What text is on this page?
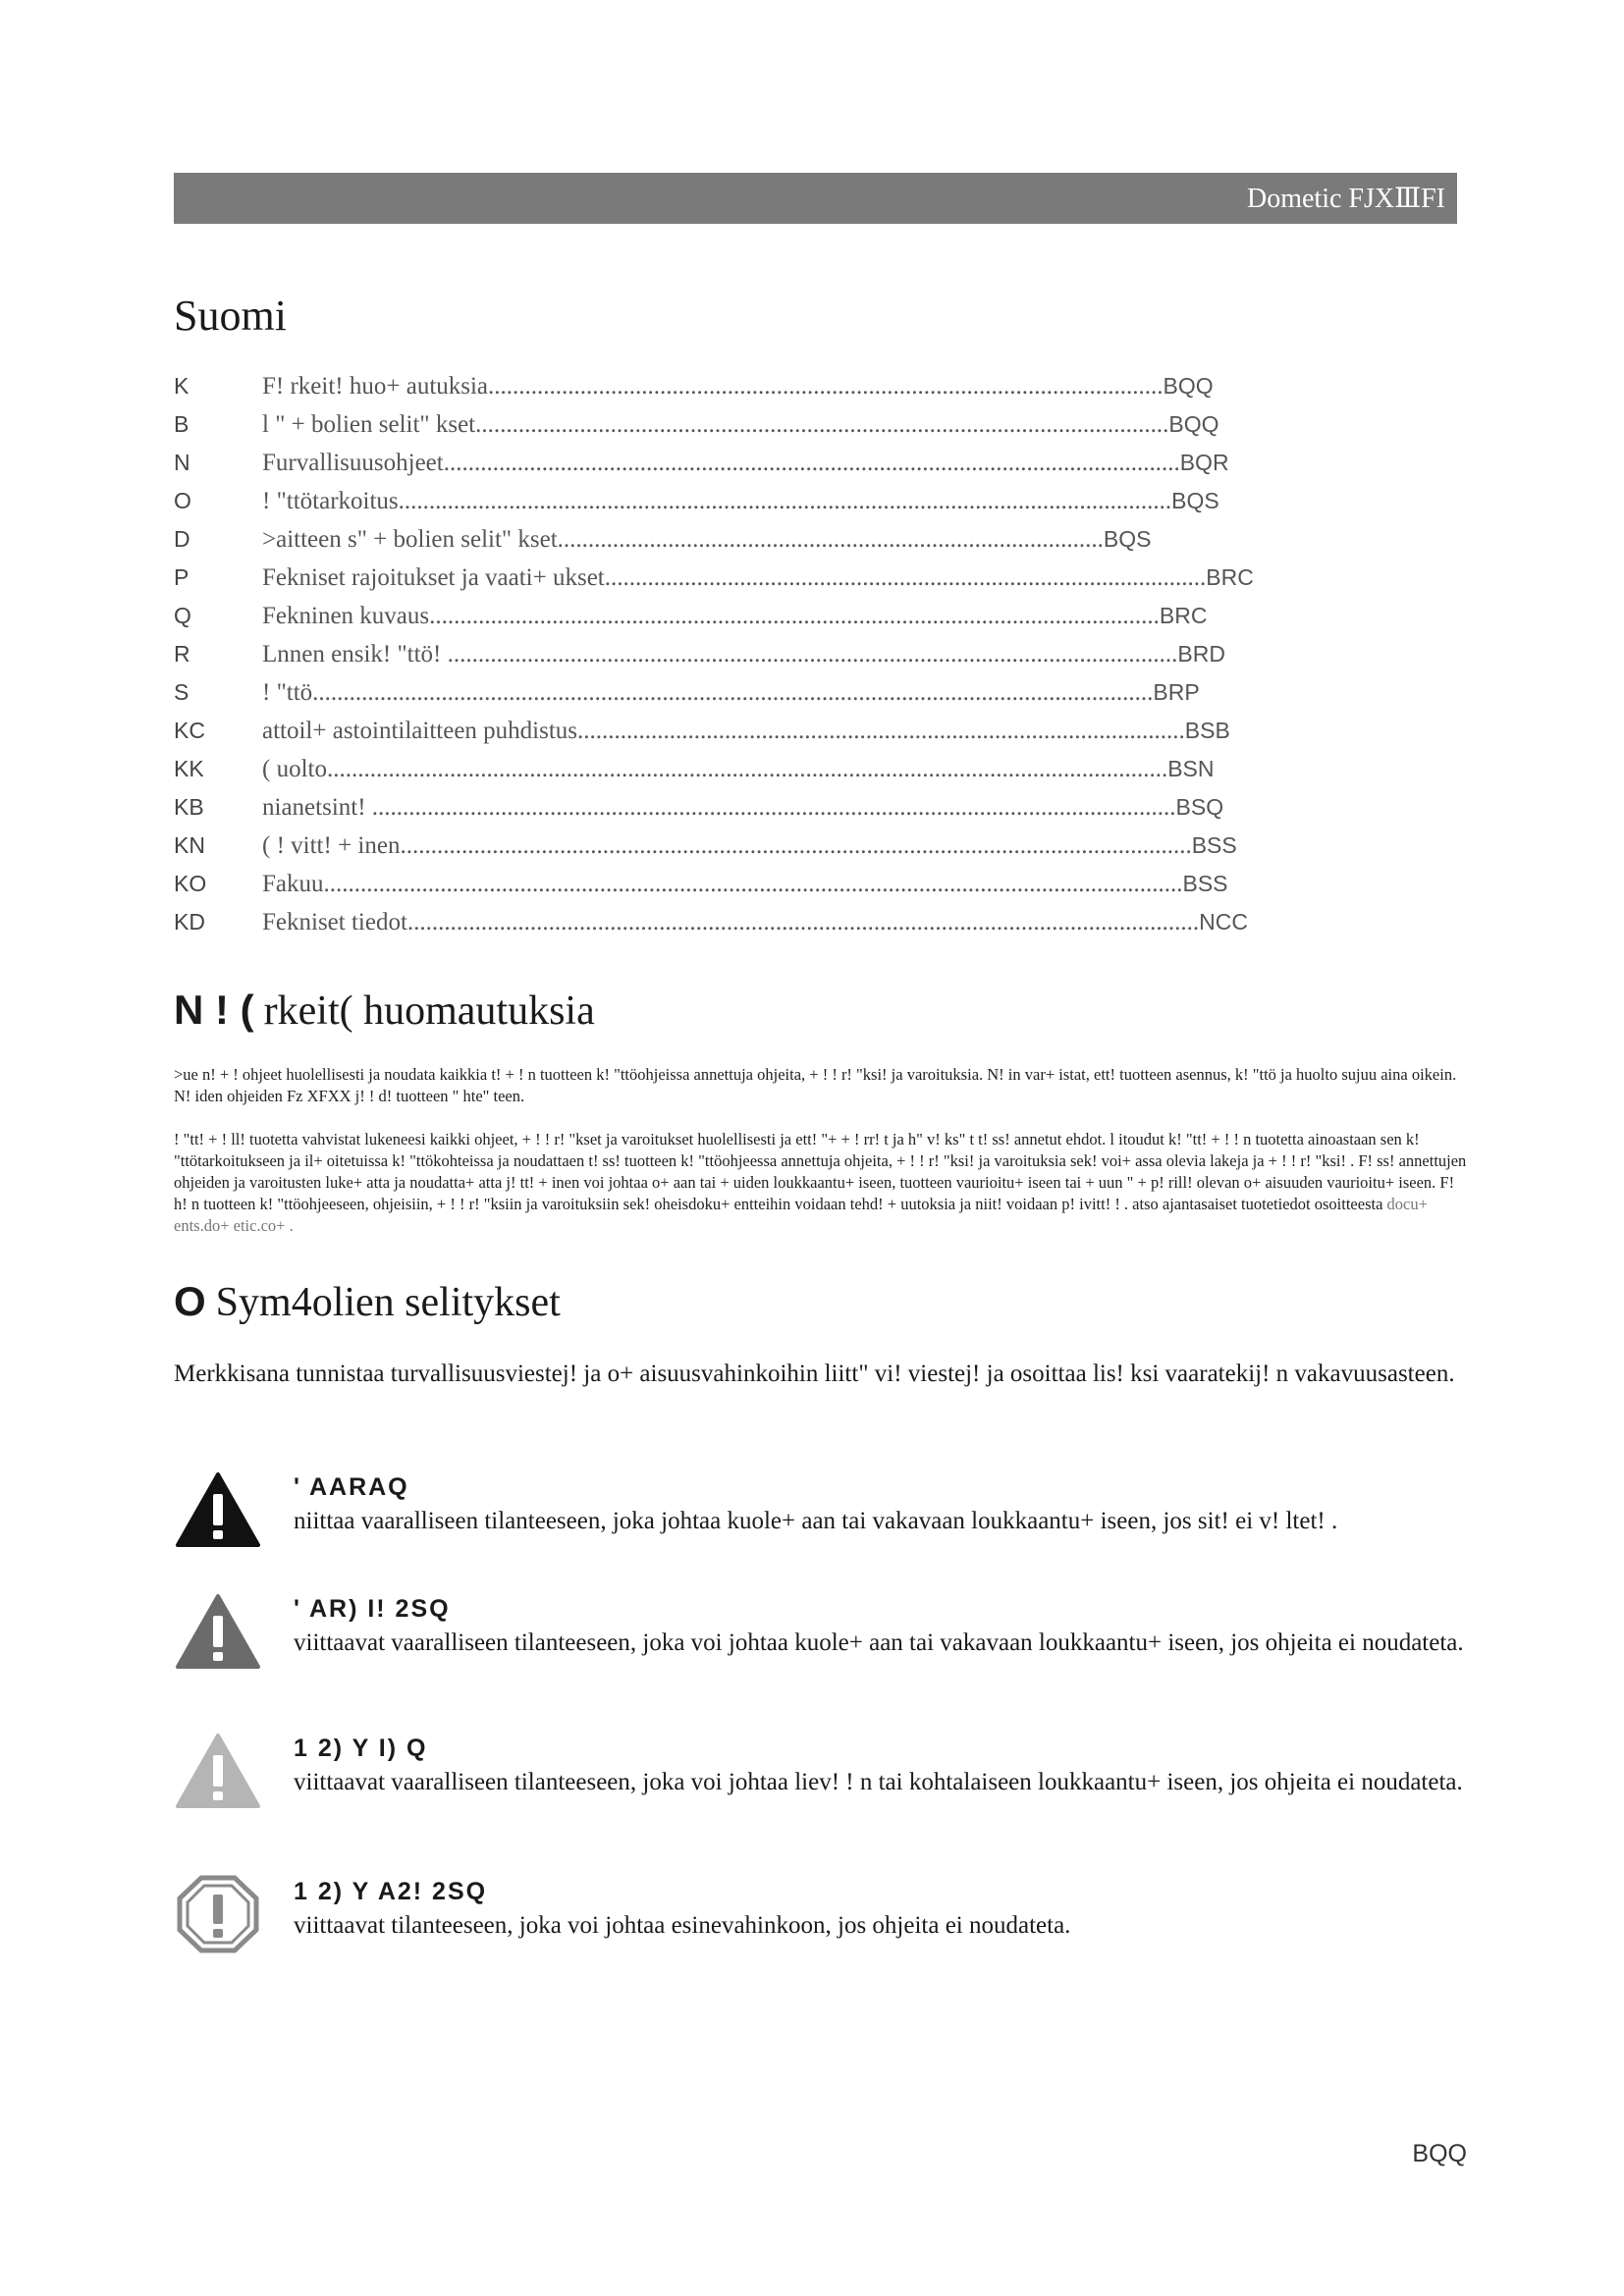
Dometic FJXⅢFI
Suomi
K	F! rkeit! huo+ autuksia..............................................................................................................BQQ
B	l " + bolien selit" kset.................................................................................................................BQQ
N	Furvallisuusohjeet........................................................................................................................BQR
O	! "ttötarkoitus..............................................................................................................................BQS
D	>aitteen s" + bolien selit" kset.........................................................................................BQS
P	Fekniset rajoitukset ja vaati+ ukset..................................................................................................BRC
Q	Fekninen kuvaus.......................................................................................................................BRC
R	Lnnen ensik! "ttö! .......................................................................................................................BRD
S	! "ttö.........................................................................................................................................BRP
KC attoil+ astointilaitteen puhdistus...................................................................................................BSB
KK ( uolto.........................................................................................................................................BSN
KB nianetsint! ...................................................................................................................................BSQ
KN ( ! vitt! + inen.................................................................................................................................BSS
KO Fakuu............................................................................................................................................BSS
KD Fekniset tiedot.................................................................................................................................NCC
N ! ( rkeit( huomautuksia

>ue n! + ! ohjeet huolellisesti ja noudata kaikkia t! + ! n tuotteen k! "ttöohjeissa annettuja ohjeita, + ! ! r! "ksi! ja varoituksia. N! in var+ istat, ett! tuotteen asennus, k! "ttö ja huolto sujuu aina oikein. N! iden ohjeiden Fz XFXX j! ! d! tuotteen " hte" teen.

! "tt! + ! ll! tuotetta vahvistat lukeneesi kaikki ohjeet, + ! ! r! "kset ja varoitukset huolellisesti ja ett! "+ + ! rr! t ja h" v! ks" t t! ss! annetut ehdot. l itoudut k! "tt! + ! ! n tuotetta ainoastaan sen k! "ttötarkoitukseen ja il+ oitetuissa k! "ttökohteissa ja noudattaen t! ss! tuotteen k! "ttöohjeessa annettuja ohjeita, + ! ! r! "ksi! ja varoituksia sek! voi+ assa olevia lakeja ja + ! ! r! "ksi! . F! ss! annettujen ohjeiden ja varoitusten luke+ atta ja noudatta+ atta j! tt! + inen voi johtaa o+ aan tai + uiden loukkaantu+ iseen, tuotteen vaurioitu+ iseen tai + uun " + p! rill! olevan o+ aisuuden vaurioitu+ iseen. F! h! n tuotteen k! "ttöohjeeseen, ohjeisiin, + ! ! r! "ksiin ja varoituksiin sek! oheisdoku+ entteihin voidaan tehd! + uutoksia ja niit! voidaan p! ivitt! ! . atso ajantasaiset tuotetiedot osoitteesta docu+ ents.do+ etic.co+ .

O Sym4olien selitykset

Merkkisana tunnistaa turvallisuusviestej! ja o+ aisuusvahinkoihin liitt" vi! viestej! ja osoittaa lis! ksi vaaratekij! n vakavuusasteen.

' AARAQ
niittaa vaaralliseen tilanteeseen, joka johtaa kuole+ aan tai vakavaan loukkaantu+ iseen, jos sit! ei v! ltet! .
' AR) I! 2SQ
viittaavat vaaralliseen tilanteeseen, joka voi johtaa kuole+ aan tai vakavaan loukkaantu+ iseen, jos ohjeita ei noudateta.
1 2) Y I) Q
viittaavat vaaralliseen tilanteeseen, joka voi johtaa liev! ! n tai kohtalaiseen loukkaantu+ iseen, jos ohjeita ei noudateta.
1 2) Y A2! 2SQ
viittaavat tilanteeseen, joka voi johtaa esinevahinkoon, jos ohjeita ei noudateta.
BQQ
